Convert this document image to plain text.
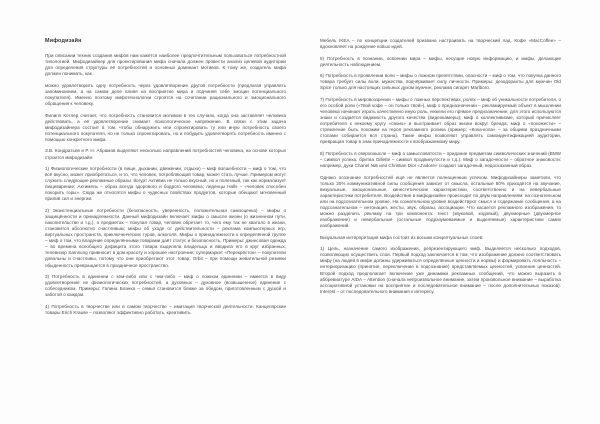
Мифодизайн

При описании техник создания мифов нам кажется наиболее предпочтительным пользоваться потребностной типологией. Мифодизайнер для проектирования мифа сначала должен провести анализ целевой аудитории для определения структуры её потребностей и основных доминант мотивов. К тому же, создатель мифа должен понимать, как

можно удовлетворить одну потребность через удовлетворение другой потребности (предлагая управлять запоминанием, а на самом деле влияя на восприятие мира и подчиняя себе эмоции потенциального покупателя). Именно поэтому мифотехнологии строятся на сочетании рационального и эмоционального обращения к человеку.

Филипп Котлер считает, что потребность становится мотивом в тех случаях, когда она заставляет человека действовать, а её удовлетворение снимает психологическое напряжение. В связи с этим задача мифодизайнера состоит в том, чтобы обнаружить или спроектировать ту или иную потребность своего потенциального покупателя, но не только спроектировать, но и побудить удовлетворять потребность именно с помощью конкретного мифа.

З.В. Кондратьев и Р. Н. Абрамов выделяют несколько направлений потребностей человека, на основе которых строится мифодизайн:

1) Физиологические потребности (в пище, дыхании, движении, отдыхе) – миф волшебности – миф о том, что всё вкусно, может приобретаться, и то, что человек, потребляющий товар, может стать лучше. Примером могут служить следующие рекламные образы: йогурт Активиа не только вкусный, но и полезный, так как нормализует пищеварение; Актимель – образ всегда здорового и бодрого человека; леденцы Halls – «человек способен покорить горы». Сюда же относятся мифы о чудесных свойствах продуктов, которые обещают мгновенный прилив сил и энергии.

2) Экзистенциальные потребности (безопасность, уверенность, положительная самооценка) – мифы о защищённости и принадлежности. Данный мифодизайн включает мифы о смысле жизни (о жизненном пути, накопительстве и т.д.), о предметах – покупая товар, человек обретает то, чего ему так не хватало в жизни, становится абсолютно счастливым; мифы об уходе от действительности – реклама компьютерных игр, виртуальных пространств, приключенческих туров, алкоголя. Мифы о принадлежности к определённой группе – миф о том, что владение определёнными товарами даёт статус и безопасность. Примеры: джинсовая одежда – во времена всеобщего дефицита этого товара выделяла владельца и вводила его в круг избранных; телевизор Samsung привносит в дом красоту и хорошее настроение; супермаркет «Перекрёсток» – покупатели довольны и счастливы, потому что они приобретают этот товар; Orbit – при помощи жевательной резинки обыденность превращается в праздничное пространство.

3) Потребность в единении с кем-либо или с чем-либо – миф о ложном единении – имеется в виду удовлетворение не физиологических потребностей, а духовных – духовное (возвышенное) единение с собеседником. Примеры: Галина Бланка – семья становится ближе за обедом, приготовленным с душой и заботой о каждом.

4) Потребность в творчестве или в самом творчестве – имитация творческой деятельности. Канцелярские товары Erich Krause – позволяют эффективно работать, креативить.

Мебель IKEA – по концепции создателей призвана настраивать на творческий лад. Кофе «MacCoffee» – вдохновляет на рождение новых идей.

5) Потребность в познании, освоении мира – мифы, несущие новую информацию, и мифы, делающие деятельность наблюдением.

6) Потребность в проявлении воли – мифы о ложном препятствии, опасности – миф о том, что покупка данного товара требует силы воли, мужества, подчёркивает силу личности. Примеры: дезодоранты для мужчин Old Spice только для настоящих сильных духом мужчин, реклама сигарет Marlboro.

7) Потребность в мировоззрении – мифы о ложных перспективах, ролях – миф об уникальности потребителя, о его особой роли («Твой кофе – он только твой»), миф о предназначении – рекламируемый объект в мышлении человека начинает играть качественно иную роль, нежели его прямое предназначение, для этого используются знаки и создаётся видимость другого качества (видеокамеры); миф о коллективизме, который причисляет потребителя к некоему кругу «своих» и выстраивает образ жизни вокруг бренда; миф о «похожести» – стремление быть похожим на героя рекламного ролика (пример: «Кока-кола» – за общими праздничными столами собирается вся страна). Такие мифы позволяют управлять самоидентификацией аудитории, превращая товар в знак принадлежности к воображаемому миру.

8) Потребность в сверхсмысле – миф о замысловатости – придание предметам символических значений (BMW – символ успеха, бритва Gillette – символ продвинутости и т.д.). Миф о загадочности – обратное знаковости: например, духи Chanel №5 или Christian Dior «J'adore» создают загадочный, недосказанный образ.

Однако осознание потребностей ещё не является полноценным успехом. Мифодизайнеры заметили, что только 20% коммуникативной силы сообщения зависит от смысла, остальные 80% приходятся на звучание, визуальные, эмоциональные, кинестетические характеристики, соответственно и на невербальные характеристики потребителя. Воздействие в мифодизайне происходит по двум направлениям: на сознательном или на подсознательном уровне. На сознательном уровне воздействуют смысл и содержание сообщения, а на подсознательном – интонация, жесты, звук, образы, ассоциации. Что касается рекламного изображения, то можно разделить рекламу на три компонента: текст (звуковой, кодовый), двухмерные (двухмерное изображение) и невербальные (остальные подразумеваемые и выделяемые) характеристики самих изображений.

Визуальная интерпретация мифа состоит из восьми концептуальных слоев:

1) Цель, назначение самого изображения, репрезентирующего миф. Выделяется несколько подходов, позволяющих осуществить слои. Первый подход заключается в том, что изображение должно соответствовать мифу (на людей в мифе должны удерживаться определённые ценности и нормы) и формировать лояльность – интериоризацию (принятие, переключение в подсознание) представляемых ценностей, усвоение ценностей. Второй подход предполагает включение уже динамики рекламных сообщений, что можно выразить в аббревиатуре AIDA – Attention (сначала непроизвольное внимание, затем произвольное внимание – выработка ассоциативной установки на восприятие и последовательное внимание – после дополнительных показов). Interest – от последовательного внимания к интересу.
